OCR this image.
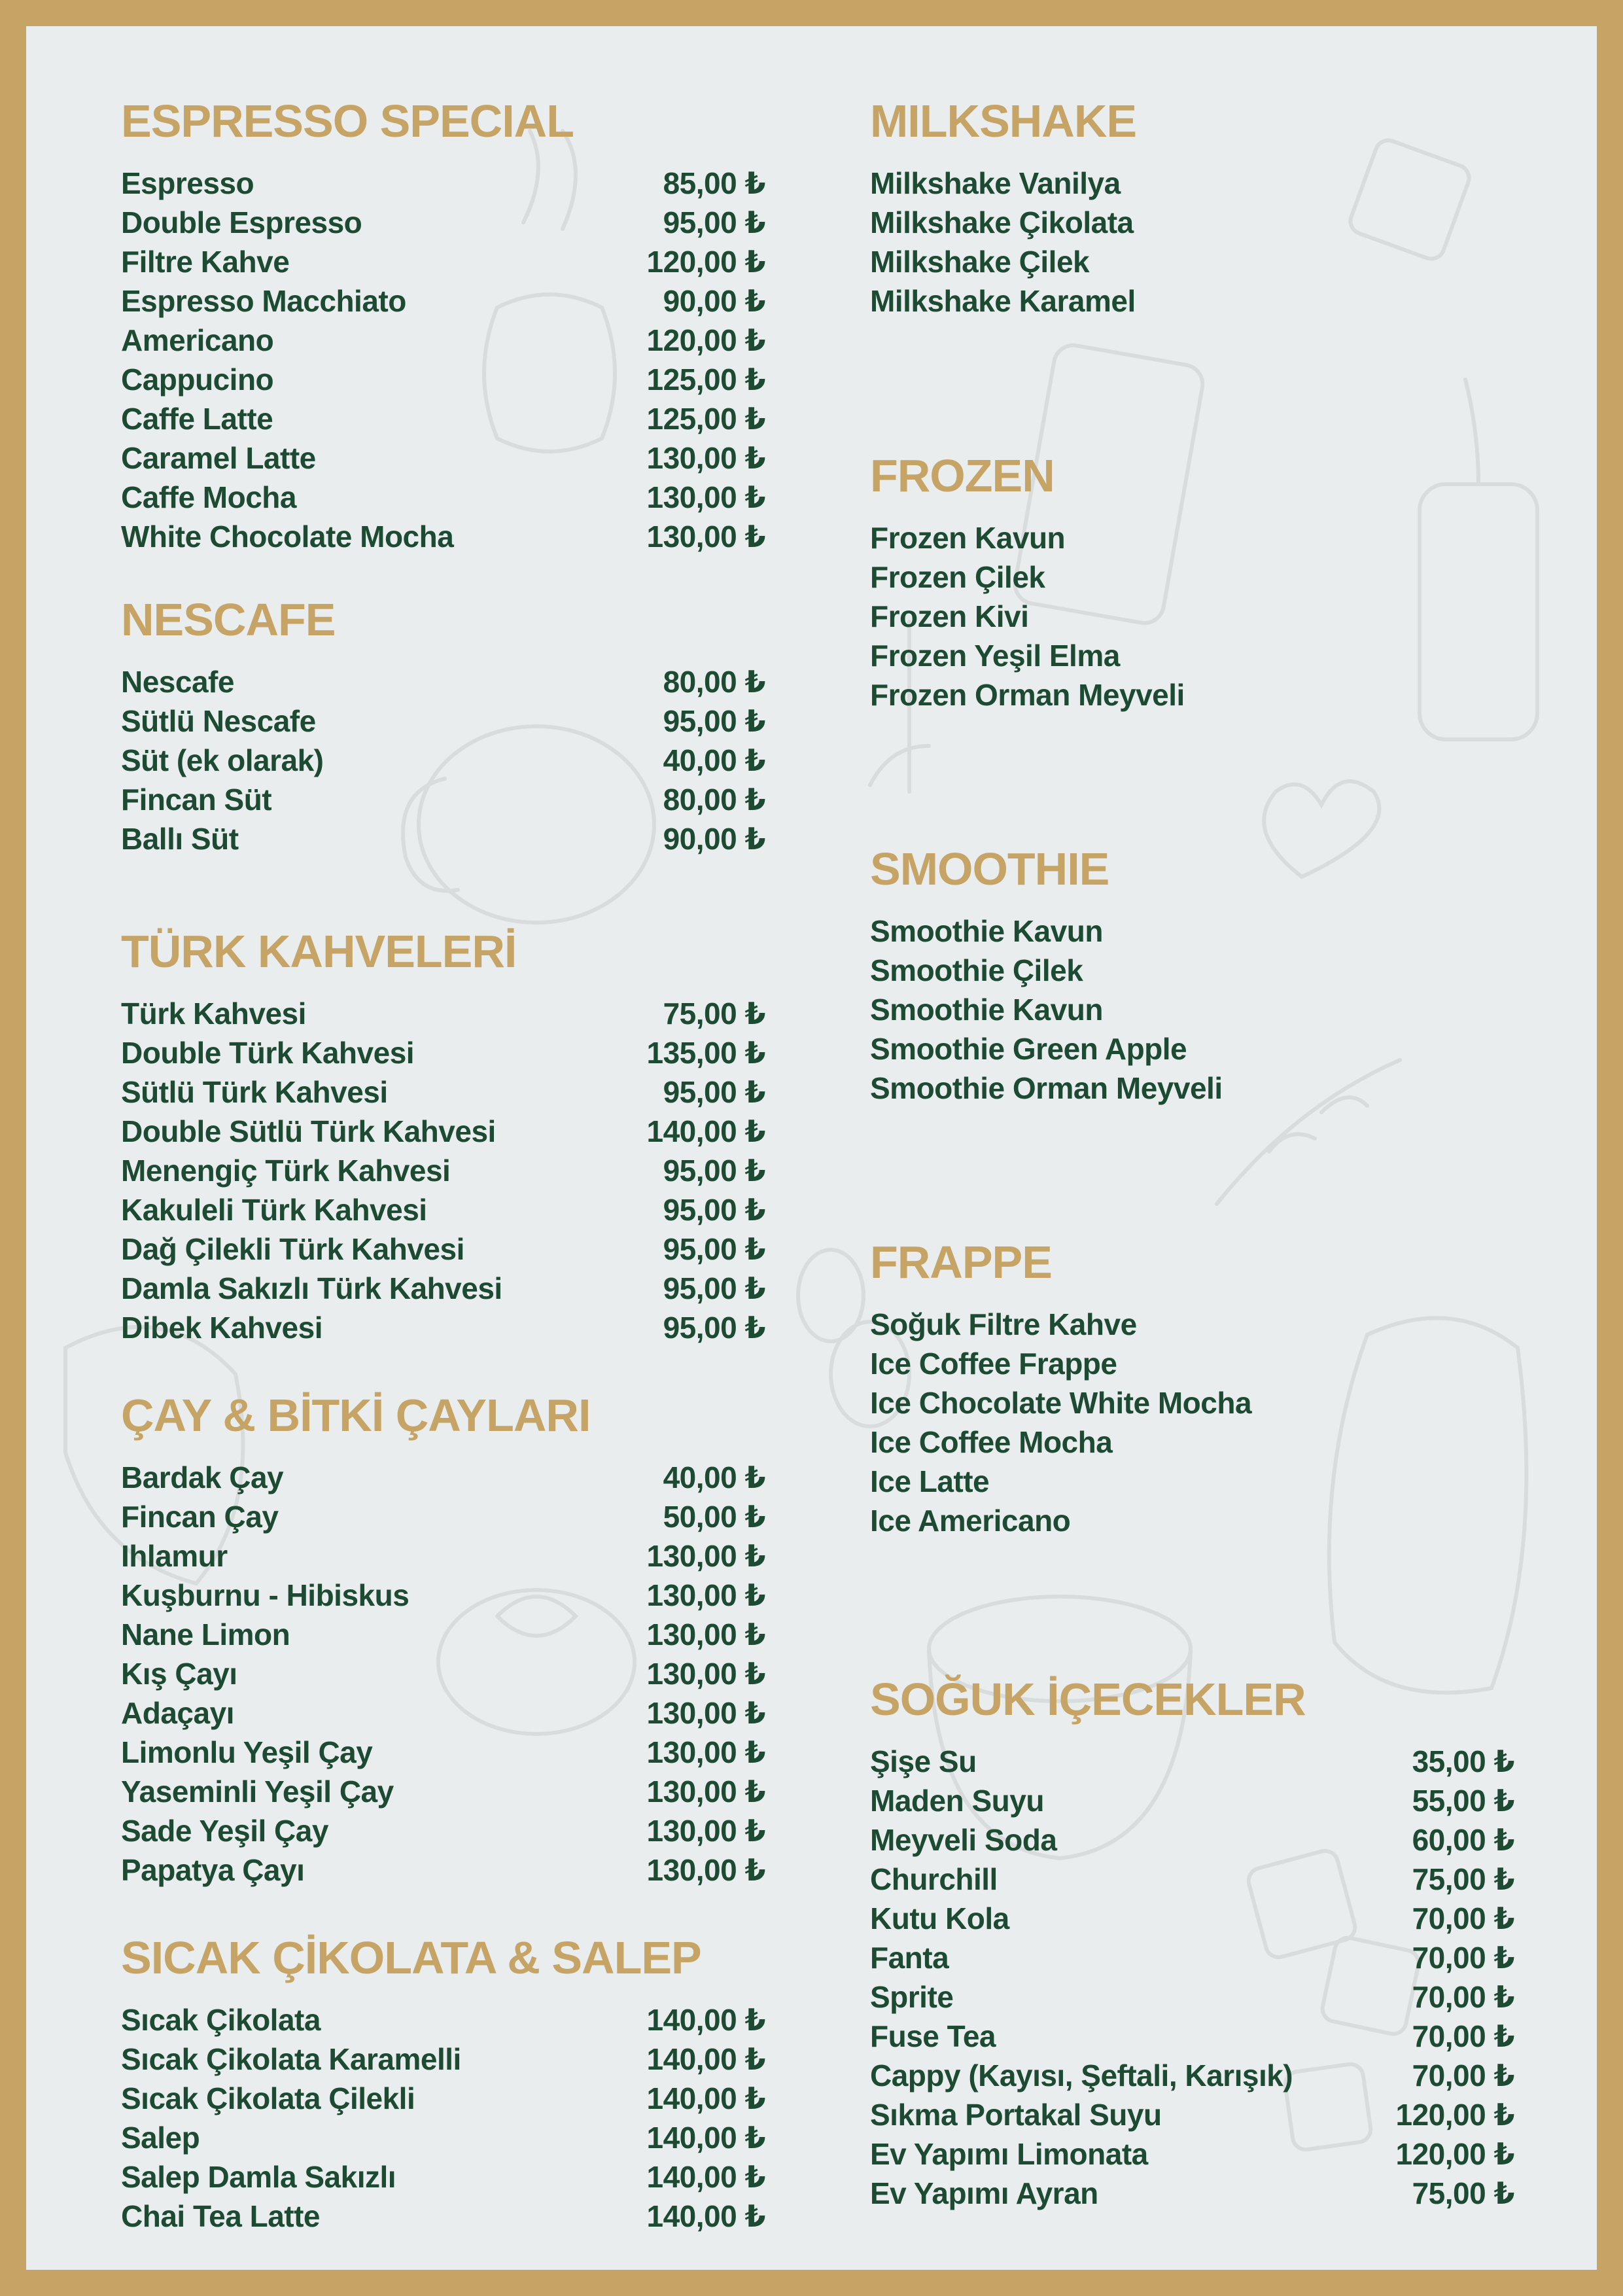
ESPRESSO SPECIAL
Espresso	85,00 ₺
Double Espresso	95,00 ₺
Filtre Kahve	120,00 ₺
Espresso Macchiato	90,00 ₺
Americano	120,00 ₺
Cappucino	125,00 ₺
Caffe Latte	125,00 ₺
Caramel Latte	130,00 ₺
Caffe Mocha	130,00 ₺
White Chocolate Mocha	130,00 ₺
NESCAFE
Nescafe	80,00 ₺
Sütlü Nescafe	95,00 ₺
Süt (ek olarak)	40,00 ₺
Fincan Süt	80,00 ₺
Ballı Süt	90,00 ₺
TÜRK KAHVELERİ
Türk Kahvesi	75,00 ₺
Double Türk Kahvesi	135,00 ₺
Sütlü Türk Kahvesi	95,00 ₺
Double Sütlü Türk Kahvesi	140,00 ₺
Menengiç Türk Kahvesi	95,00 ₺
Kakuleli Türk Kahvesi	95,00 ₺
Dağ Çilekli Türk Kahvesi	95,00 ₺
Damla Sakızlı Türk Kahvesi	95,00 ₺
Dibek Kahvesi	95,00 ₺
ÇAY & BİTKİ ÇAYLARI
Bardak Çay	40,00 ₺
Fincan Çay	50,00 ₺
Ihlamur	130,00 ₺
Kuşburnu - Hibiskus	130,00 ₺
Nane Limon	130,00 ₺
Kış Çayı	130,00 ₺
Adaçayı	130,00 ₺
Limonlu Yeşil Çay	130,00 ₺
Yaseminli Yeşil Çay	130,00 ₺
Sade Yeşil Çay	130,00 ₺
Papatya Çayı	130,00 ₺
SICAK ÇİKOLATA & SALEP
Sıcak Çikolata	140,00 ₺
Sıcak Çikolata Karamelli	140,00 ₺
Sıcak Çikolata Çilekli	140,00 ₺
Salep	140,00 ₺
Salep Damla Sakızlı	140,00 ₺
Chai Tea Latte	140,00 ₺
MILKSHAKE
Milkshake Vanilya
Milkshake Çikolata
Milkshake Çilek
Milkshake Karamel
FROZEN
Frozen Kavun
Frozen Çilek
Frozen Kivi
Frozen Yeşil Elma
Frozen Orman Meyveli
SMOOTHIE
Smoothie Kavun
Smoothie Çilek
Smoothie Kavun
Smoothie Green Apple
Smoothie Orman Meyveli
FRAPPE
Soğuk Filtre Kahve
Ice Coffee Frappe
Ice Chocolate White Mocha
Ice Coffee Mocha
Ice Latte
Ice Americano
SOĞUK İÇECEKLER
Şişe Su	35,00 ₺
Maden Suyu	55,00 ₺
Meyveli Soda	60,00 ₺
Churchill	75,00 ₺
Kutu Kola	70,00 ₺
Fanta	70,00 ₺
Sprite	70,00 ₺
Fuse Tea	70,00 ₺
Cappy (Kayısı, Şeftali, Karışık)	70,00 ₺
Sıkma Portakal Suyu	120,00 ₺
Ev Yapımı Limonata	120,00 ₺
Ev Yapımı Ayran	75,00 ₺
